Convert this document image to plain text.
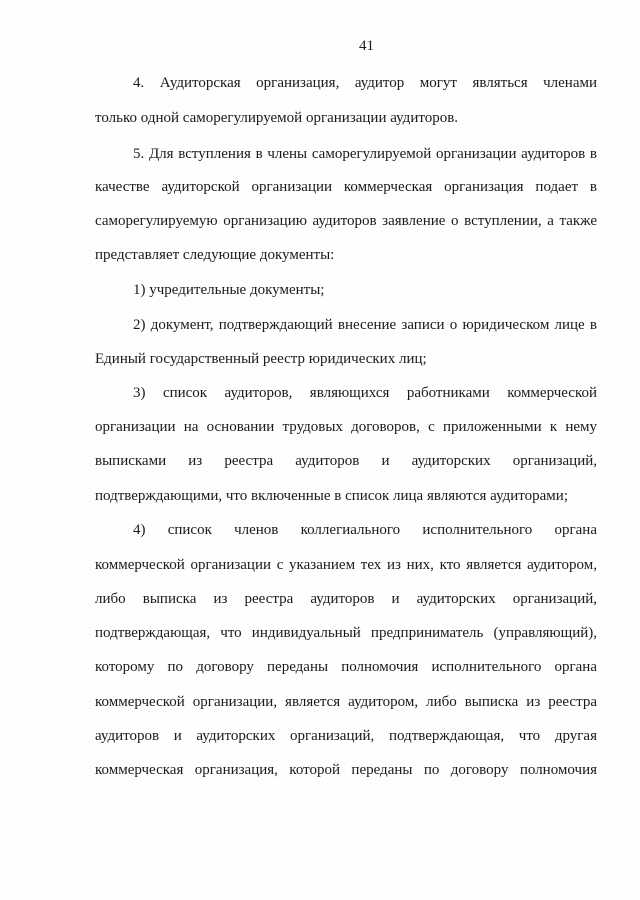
41
4. Аудиторская организация, аудитор могут являться членами
только одной саморегулируемой организации аудиторов.
5. Для вступления в члены саморегулируемой организации аудиторов в
качестве аудиторской организации коммерческая организация подает в
саморегулируемую организацию аудиторов заявление о вступлении, а также
представляет следующие документы:
1) учредительные документы;
2) документ, подтверждающий внесение записи о юридическом лице в
Единый государственный реестр юридических лиц;
3) список аудиторов, являющихся работниками коммерческой
организации на основании трудовых договоров, с приложенными к нему
выписками из реестра аудиторов и аудиторских организаций,
подтверждающими, что включенные в список лица являются аудиторами;
4) список членов коллегиального исполнительного органа
коммерческой организации с указанием тех из них, кто является аудитором,
либо выписка из реестра аудиторов и аудиторских организаций,
подтверждающая, что индивидуальный предприниматель (управляющий),
которому по договору переданы полномочия исполнительного органа
коммерческой организации, является аудитором, либо выписка из реестра
аудиторов и аудиторских организаций, подтверждающая, что другая
коммерческая организация, которой переданы по договору полномочия
